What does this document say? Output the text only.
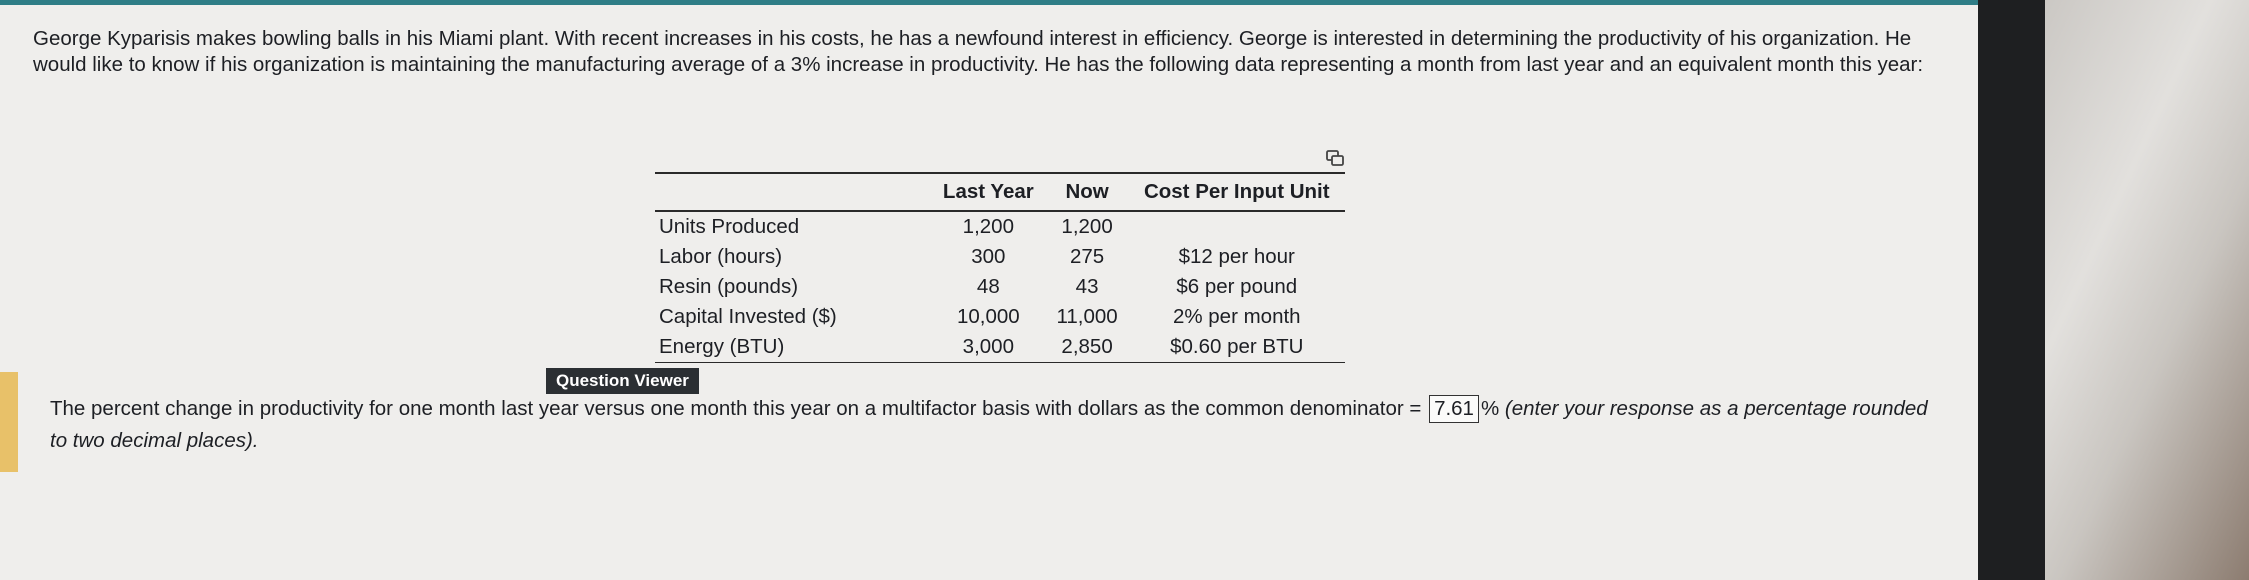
George Kyparisis makes bowling balls in his Miami plant. With recent increases in his costs, he has a newfound interest in efficiency. George is interested in determining the productivity of his organization. He would like to know if his organization is maintaining the manufacturing average of a 3% increase in productivity. He has the following data representing a month from last year and an equivalent month this year:
	Last Year	Now	Cost Per Input Unit
Units Produced	1,200	1,200	
Labor (hours)	300	275	$12 per hour
Resin (pounds)	48	43	$6 per pound
Capital Invested ($)	10,000	11,000	2% per month
Energy (BTU)	3,000	2,850	$0.60 per BTU
Question Viewer
The percent change in productivity for one month last year versus one month this year on a multifactor basis with dollars as the common denominator = 7.61 % (enter your response as a percentage rounded to two decimal places).
